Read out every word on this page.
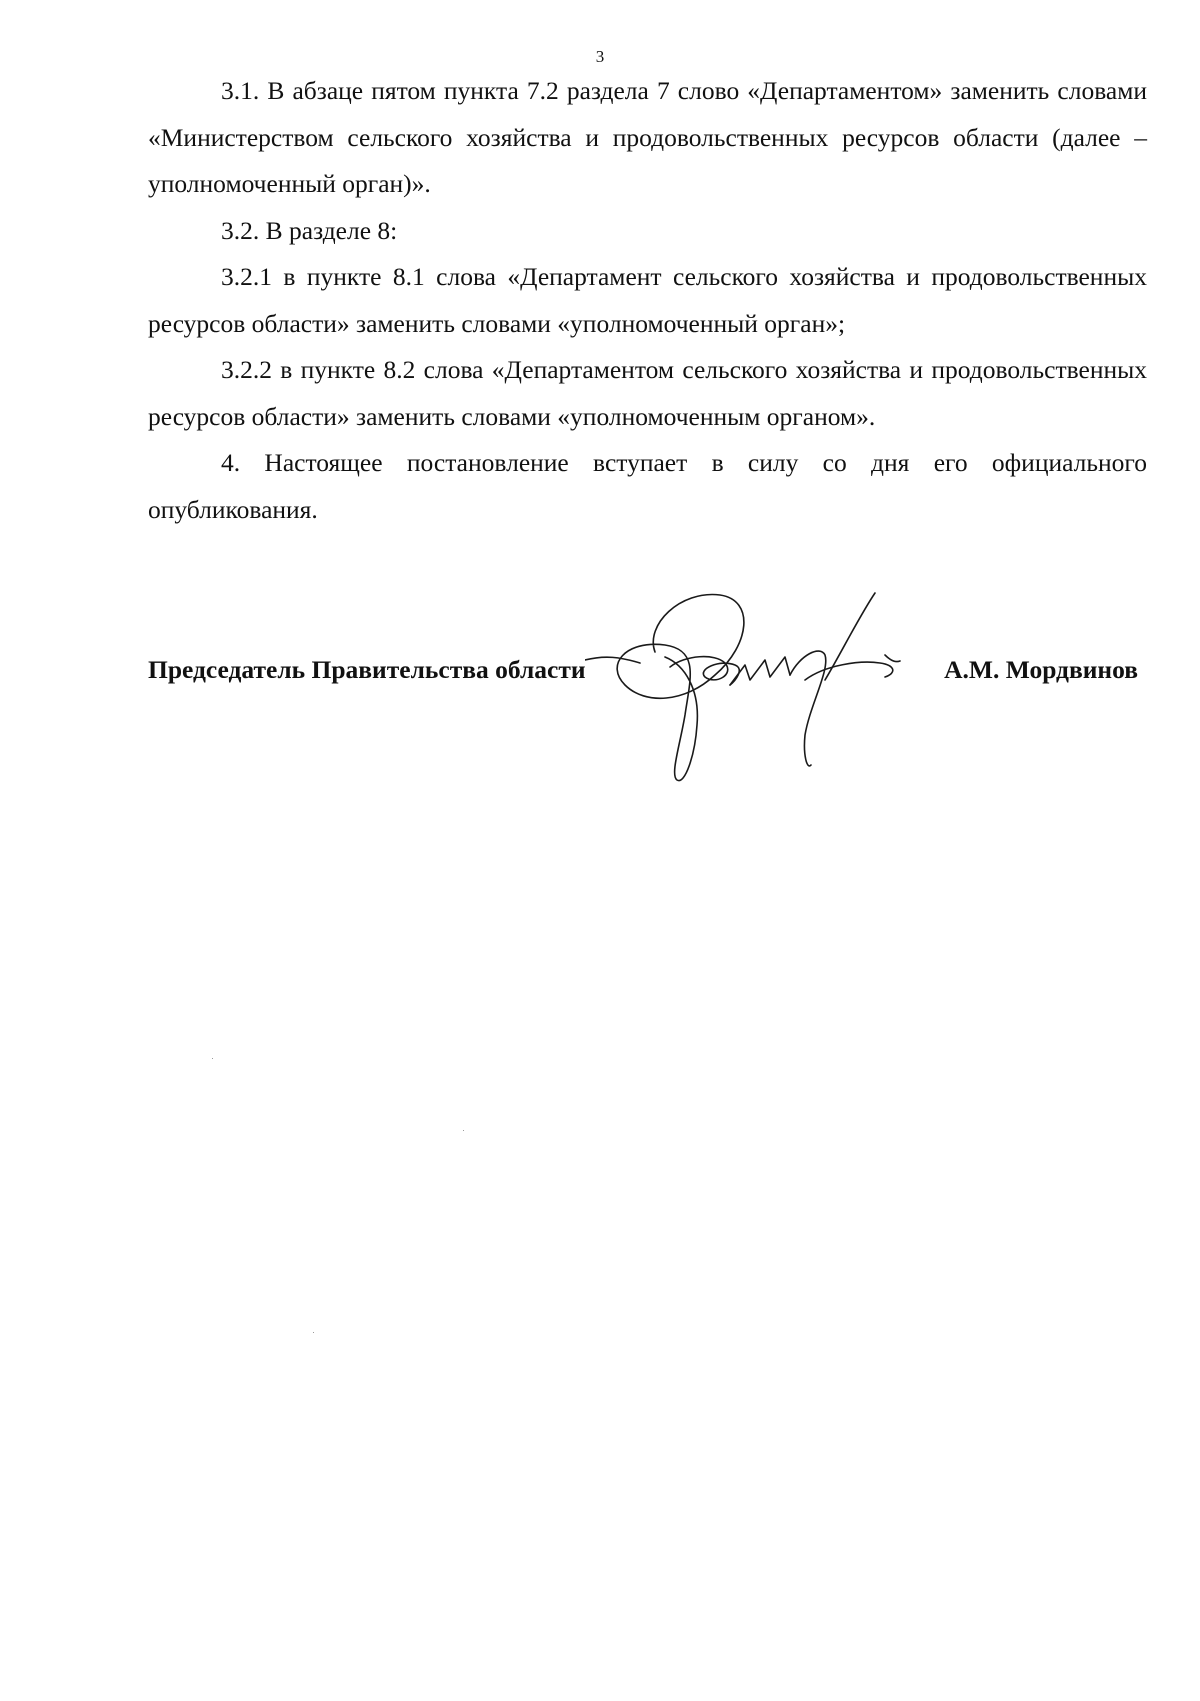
3

3.1. В абзаце пятом пункта 7.2 раздела 7 слово «Департаментом» заменить словами «Министерством сельского хозяйства и продовольственных ресурсов области (далее – уполномоченный орган)».

3.2. В разделе 8:

3.2.1 в пункте 8.1 слова «Департамент сельского хозяйства и продовольственных ресурсов области» заменить словами «уполномоченный орган»;

3.2.2 в пункте 8.2 слова «Департаментом сельского хозяйства и продовольственных ресурсов области» заменить словами «уполномоченным органом».

4. Настоящее постановление вступает в силу со дня его официального опубликования.

Председатель Правительства области	А.М. Мордвинов
